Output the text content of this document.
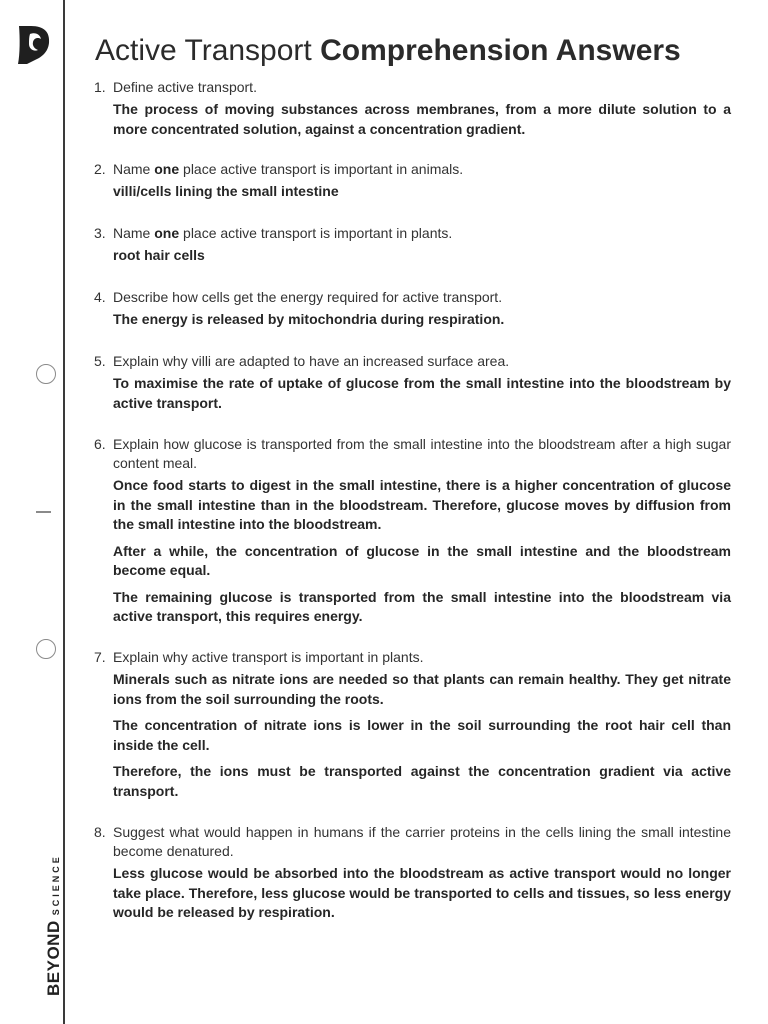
BEYONDSCIENCE
Active Transport Comprehension Answers
1. Define active transport.
The process of moving substances across membranes, from a more dilute solution to a more concentrated solution, against a concentration gradient.
2. Name one place active transport is important in animals.
villi/cells lining the small intestine
3. Name one place active transport is important in plants.
root hair cells
4. Describe how cells get the energy required for active transport.
The energy is released by mitochondria during respiration.
5. Explain why villi are adapted to have an increased surface area.
To maximise the rate of uptake of glucose from the small intestine into the bloodstream by active transport.
6. Explain how glucose is transported from the small intestine into the bloodstream after a high sugar content meal.
Once food starts to digest in the small intestine, there is a higher concentration of glucose in the small intestine than in the bloodstream. Therefore, glucose moves by diffusion from the small intestine into the bloodstream.
After a while, the concentration of glucose in the small intestine and the bloodstream become equal.
The remaining glucose is transported from the small intestine into the bloodstream via active transport, this requires energy.
7. Explain why active transport is important in plants.
Minerals such as nitrate ions are needed so that plants can remain healthy. They get nitrate ions from the soil surrounding the roots.
The concentration of nitrate ions is lower in the soil surrounding the root hair cell than inside the cell.
Therefore, the ions must be transported against the concentration gradient via active transport.
8. Suggest what would happen in humans if the carrier proteins in the cells lining the small intestine become denatured.
Less glucose would be absorbed into the bloodstream as active transport would no longer take place. Therefore, less glucose would be transported to cells and tissues, so less energy would be released by respiration.
